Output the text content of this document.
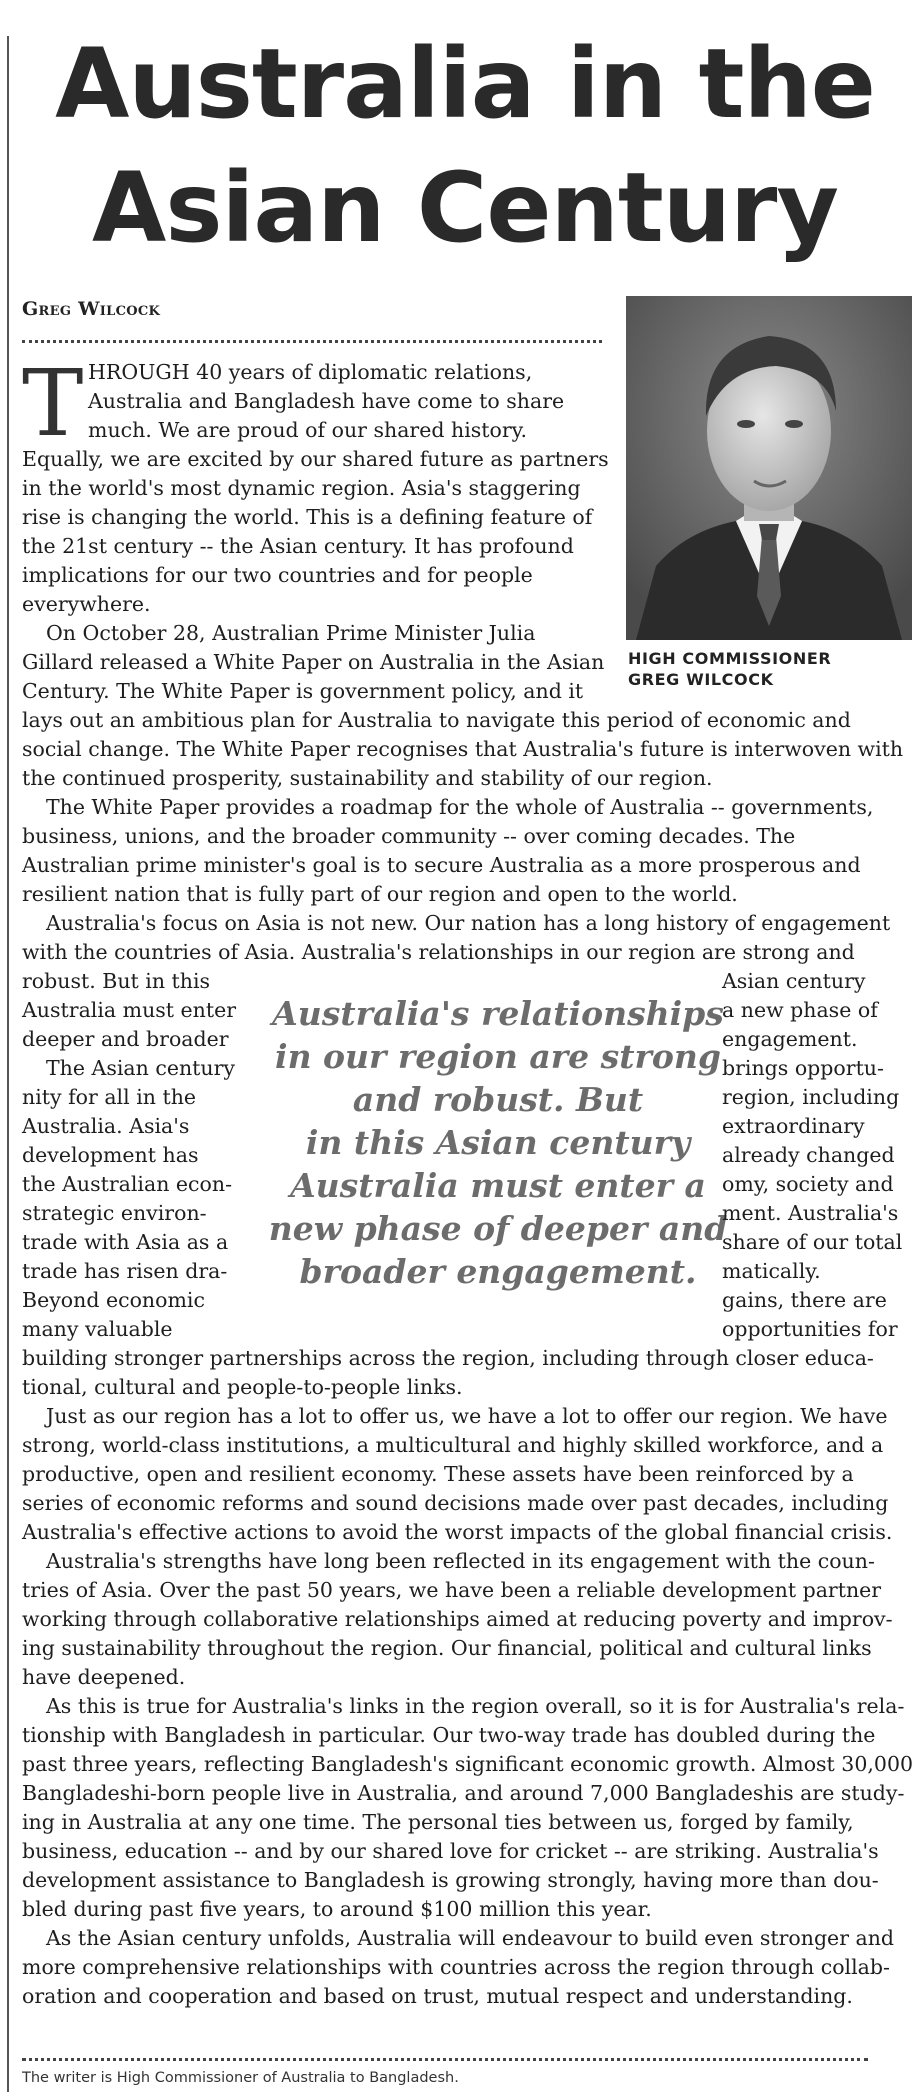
Australia in the
Asian Century
Greg Wilcock
HIGH COMMISSIONER
GREG WILCOCK
T HROUGH 40 years of diplomatic relations,
Australia and Bangladesh have come to share
much. We are proud of our shared history.
Equally, we are excited by our shared future as partners
in the world's most dynamic region. Asia's staggering
rise is changing the world. This is a defining feature of
the 21st century -- the Asian century. It has profound
implications for our two countries and for people
everywhere.
On October 28, Australian Prime Minister Julia
Gillard released a White Paper on Australia in the Asian
Century. The White Paper is government policy, and it
lays out an ambitious plan for Australia to navigate this period of economic and
social change. The White Paper recognises that Australia's future is interwoven with
the continued prosperity, sustainability and stability of our region.
The White Paper provides a roadmap for the whole of Australia -- governments,
business, unions, and the broader community -- over coming decades. The
Australian prime minister's goal is to secure Australia as a more prosperous and
resilient nation that is fully part of our region and open to the world.
Australia's focus on Asia is not new. Our nation has a long history of engagement
with the countries of Asia. Australia's relationships in our region are strong and
robust. But in this
Australia must enter
deeper and broader
The Asian century
nity for all in the
Australia. Asia's
development has
the Australian econ-
strategic environ-
trade with Asia as a
trade has risen dra-
Beyond economic
many valuable
Australia's relationships
in our region are strong
and robust. But
in this Asian century
Australia must enter a
new phase of deeper and
broader engagement.
Asian century
a new phase of
engagement.
brings opportu-
region, including
extraordinary
already changed
omy, society and
ment. Australia's
share of our total
matically.
gains, there are
opportunities for
building stronger partnerships across the region, including through closer educa-
tional, cultural and people-to-people links.
Just as our region has a lot to offer us, we have a lot to offer our region. We have
strong, world-class institutions, a multicultural and highly skilled workforce, and a
productive, open and resilient economy. These assets have been reinforced by a
series of economic reforms and sound decisions made over past decades, including
Australia's effective actions to avoid the worst impacts of the global financial crisis.
Australia's strengths have long been reflected in its engagement with the coun-
tries of Asia. Over the past 50 years, we have been a reliable development partner
working through collaborative relationships aimed at reducing poverty and improv-
ing sustainability throughout the region. Our financial, political and cultural links
have deepened.
As this is true for Australia's links in the region overall, so it is for Australia's rela-
tionship with Bangladesh in particular. Our two-way trade has doubled during the
past three years, reflecting Bangladesh's significant economic growth. Almost 30,000
Bangladeshi-born people live in Australia, and around 7,000 Bangladeshis are study-
ing in Australia at any one time. The personal ties between us, forged by family,
business, education -- and by our shared love for cricket -- are striking. Australia's
development assistance to Bangladesh is growing strongly, having more than dou-
bled during past five years, to around $100 million this year.
As the Asian century unfolds, Australia will endeavour to build even stronger and
more comprehensive relationships with countries across the region through collab-
oration and cooperation and based on trust, mutual respect and understanding.
The writer is High Commissioner of Australia to Bangladesh.
